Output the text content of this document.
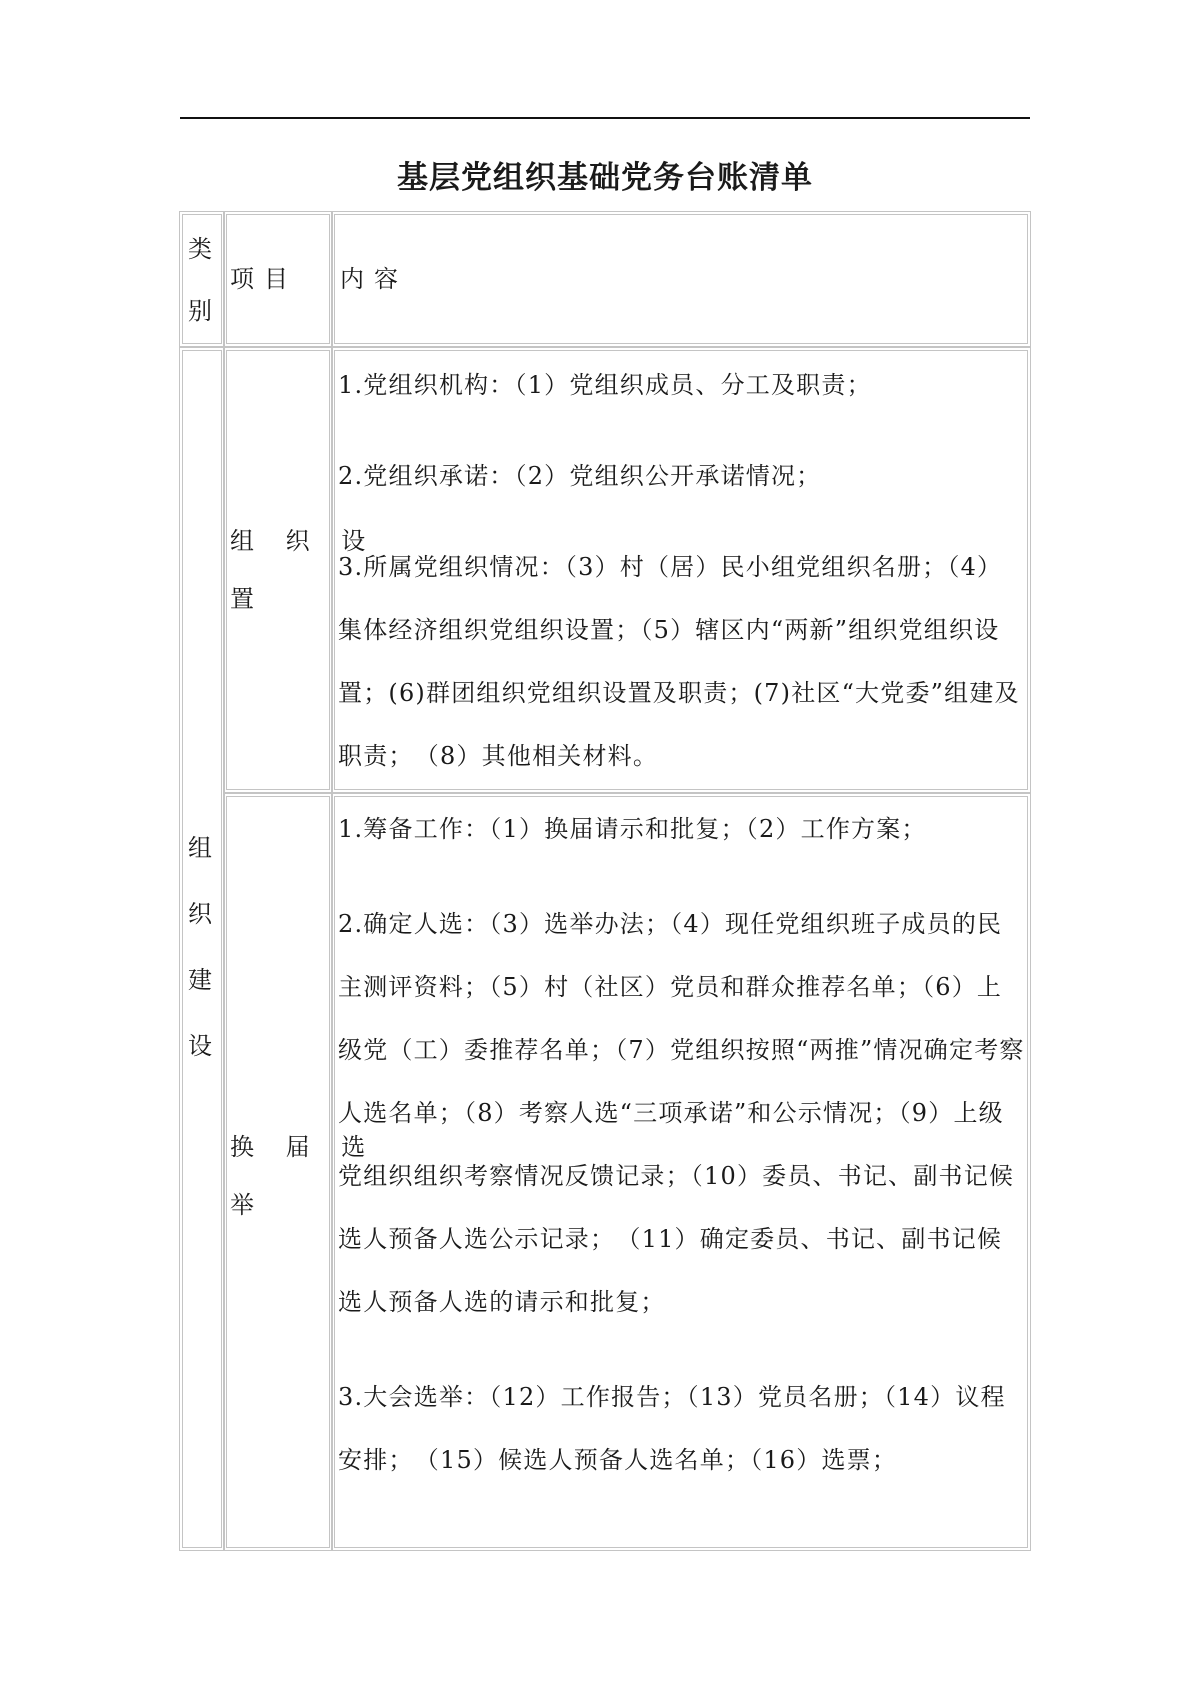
基层党组织基础党务台账清单
类
别
项 目 内 容
组
织
建
设
组 织 设
置

1.党组织机构：（1）党组织成员、分工及职责；

2.党组织承诺：（2）党组织公开承诺情况；

3.所属党组织情况：（3）村（居）民小组党组织名册；（4）集体经济组织党组织设置；（5）辖区内“两新”组织党组织设置；(6)群团组织党组织设置及职责；(7)社区“大党委”组建及职责；　（8）其他相关材料。

换 届 选
举

1.筹备工作：（1）换届请示和批复；（2）工作方案；

2.确定人选：（3）选举办法；（4）现任党组织班子成员的民主测评资料；（5）村（社区）党员和群众推荐名单；（6）上级党（工）委推荐名单；（7）党组织按照“两推”情况确定考察人选名单；（8）考察人选“三项承诺”和公示情况；（9）上级党组织组织考察情况反馈记录；（10）委员、书记、副书记候选人预备人选公示记录；　（11）确定委员、书记、副书记候选人预备人选的请示和批复；

3.大会选举：（12）工作报告；（13）党员名册；（14）议程安排；　（15）候选人预备人选名单；（16）选票；
